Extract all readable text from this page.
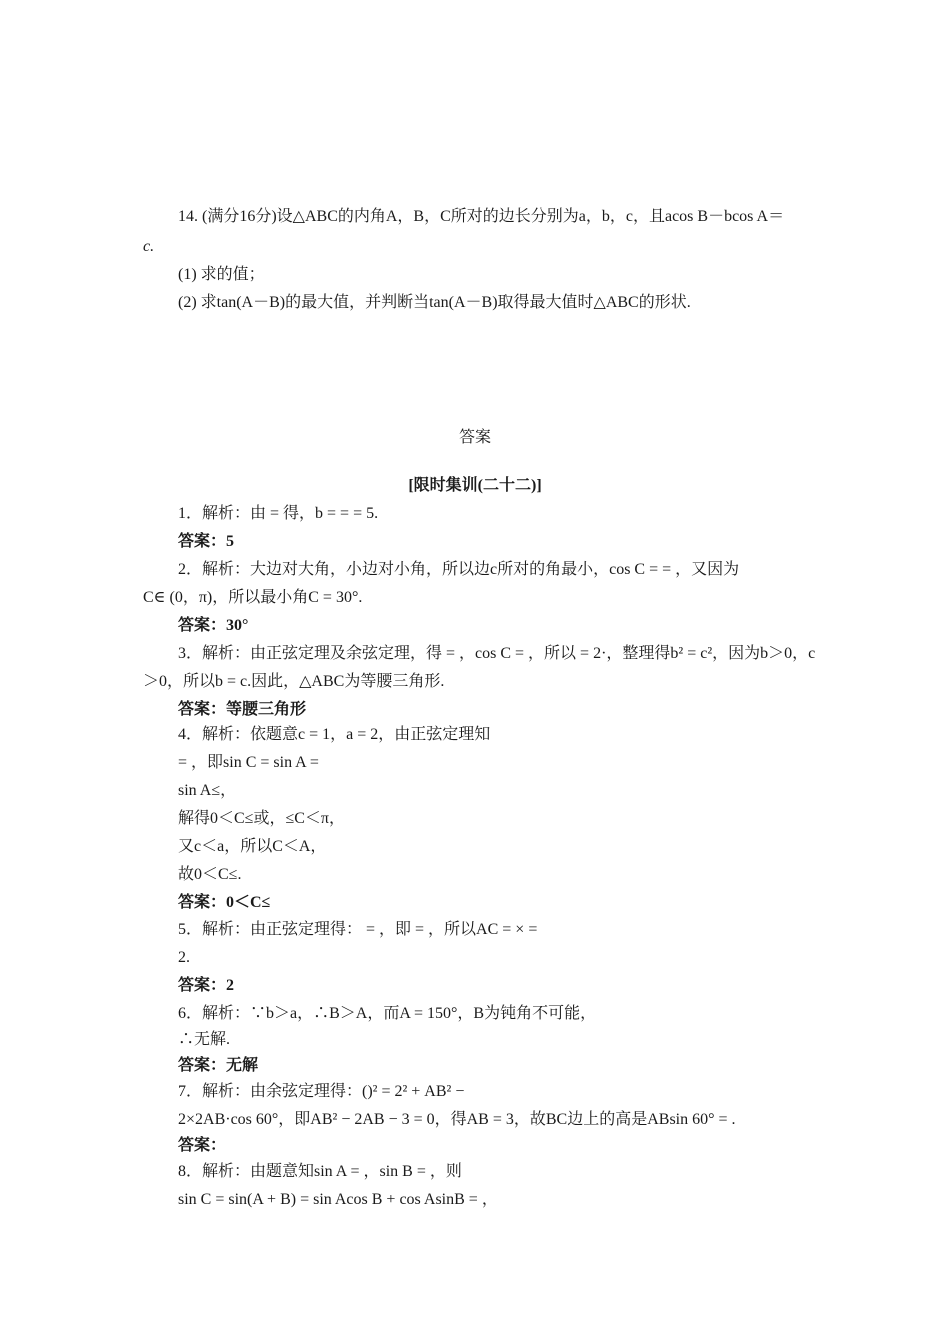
14. (满分16分)设△ABC的内角A，B，C所对的边长分别为a，b，c，且acos B－bcos A＝
c.
(1) 求的值；
(2) 求tan(A－B)的最大值，并判断当tan(A－B)取得最大值时△ABC的形状.
答案
[限时集训(二十二)]
1．解析：由 = 得，b = = = 5.
答案：5
2．解析：大边对大角，小边对小角，所以边c所对的角最小，cos C = = ，又因为
C∈ (0，π)，所以最小角C = 30°.
答案：30°
3．解析：由正弦定理及余弦定理，得 = ，cos C = ，所以 = 2·，整理得b² = c²，因为b＞0，c
＞0，所以b = c.因此，△ABC为等腰三角形.
答案：等腰三角形
4．解析：依题意c = 1，a = 2，由正弦定理知
= ，即sin C = sin A =
sin A≤，
解得0＜C≤或，≤C＜π，
又c＜a，所以C＜A，
故0＜C≤.
答案：0＜C≤
5．解析：由正弦定理得： = ，即 = ，所以AC = × =
2.
答案：2
6．解析：∵b＞a，∴B＞A，而A = 150°，B为钝角不可能，
∴无解.
答案：无解
7．解析：由余弦定理得：()² = 2² + AB² −
2×2AB·cos 60°，即AB² − 2AB − 3 = 0，得AB = 3，故BC边上的高是ABsin 60° = .
答案：
8．解析：由题意知sin A = ，sin B = ，则
sin C = sin(A + B) = sin Acos B + cos AsinB = ，
